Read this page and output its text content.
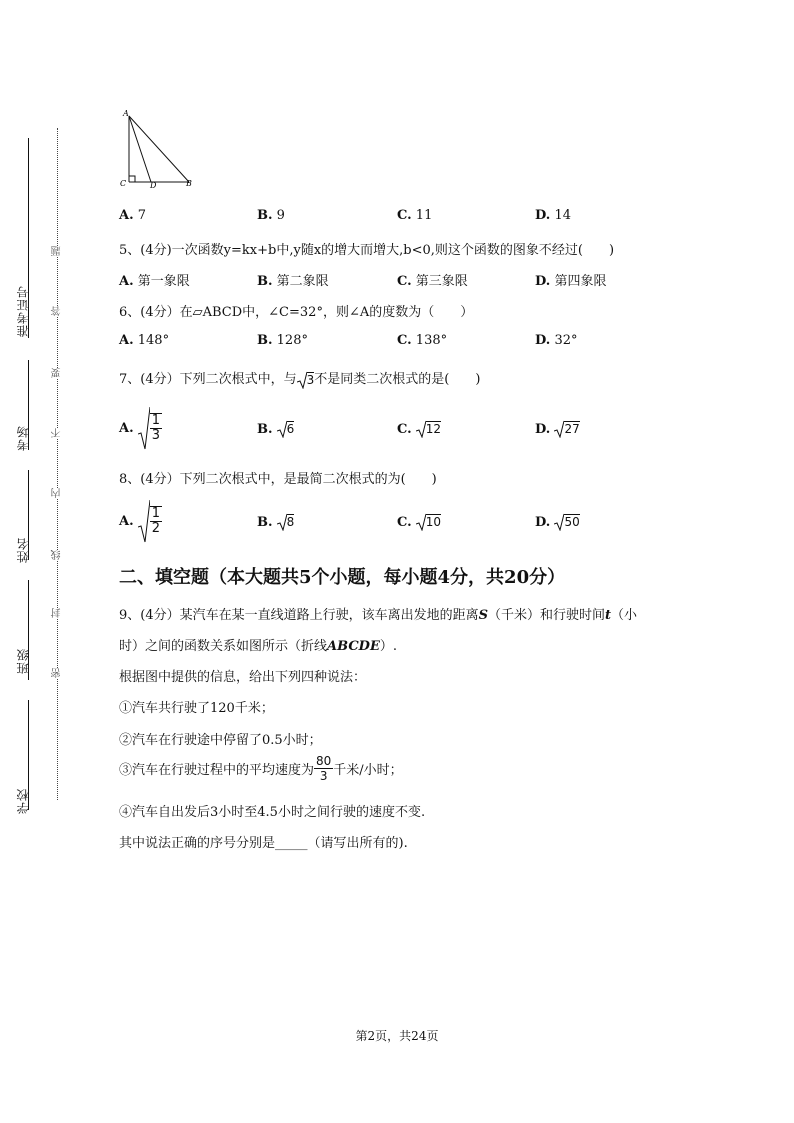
准考证号
考场
姓名
班级
学校
题
答
要
不
内
线
封
密
A
C	D	B
A. 7	B. 9	C. 11	D. 14
5、(4分)一次函数y=kx+b中,y随x的增大而增大,b<0,则这个函数的图象不经过(　　)
A. 第一象限	B. 第二象限	C. 第三象限	D. 第四象限
6、(4分）在▱ABCD中，∠C=32°，则∠A的度数为（　　）
A. 148°	B. 128°	C. 138°	D. 32°
7、(4分）下列二次根式中，与 3 不是同类二次根式的是(　　)
A.
$\frac{1}{3}$	B.
6	C.
12	D.
27
8、(4分）下列二次根式中，是最简二次根式的为(　　)
A.
$\frac{1}{2}$	B.
8	C.
10	D.
50
二、填空题（本大题共5个小题，每小题4分，共20分）
9、(4分）某汽车在某一直线道路上行驶，该车离出发地的距离S（千米）和行驶时间t（小
时）之间的函数关系如图所示（折线ABCDE）.
根据图中提供的信息，给出下列四种说法：
①汽车共行驶了120千米；
②汽车在行驶途中停留了0.5小时；
③汽车在行驶过程中的平均速度为 $\frac{80}{3}$ 千米/小时；
④汽车自出发后3小时至4.5小时之间行驶的速度不变.
其中说法正确的序号分别是_____（请写出所有的).
第2页，共24页
